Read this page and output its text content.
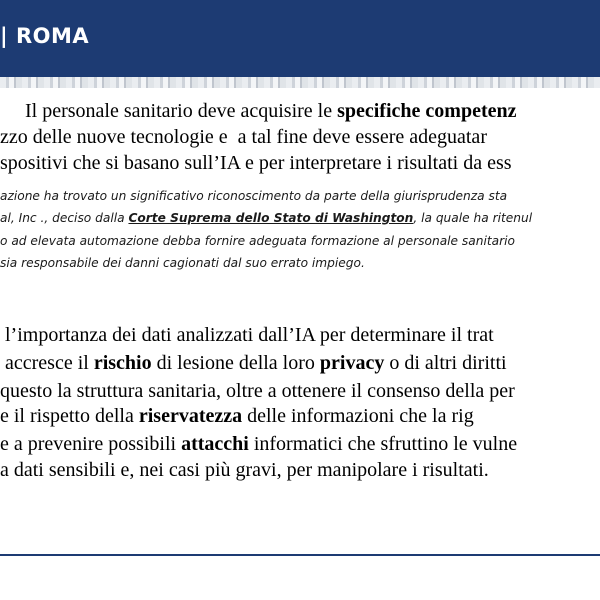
| ROMA
Il personale sanitario deve acquisire le specifiche competenz
zzo delle nuove tecnologie e  a tal fine deve essere adeguatar
spositivi che si basano sull’IA e per interpretare i risultati da ess
azione ha trovato un significativo riconoscimento da parte della giurisprudenza sta
al, Inc ., deciso dalla Corte Suprema dello Stato di Washington, la quale ha ritenul
o ad elevata automazione debba fornire adeguata formazione al personale sanitario
sia responsabile dei danni cagionati dal suo errato impiego.
l’importanza dei dati analizzati dall’IA per determinare il trat
accresce il rischio di lesione della loro privacy o di altri diritti
questo la struttura sanitaria, oltre a ottenere il consenso della per
e il rispetto della riservatezza delle informazioni che la rig
e a prevenire possibili attacchi informatici che sfruttino le vulne
a dati sensibili e, nei casi più gravi, per manipolare i risultati.
